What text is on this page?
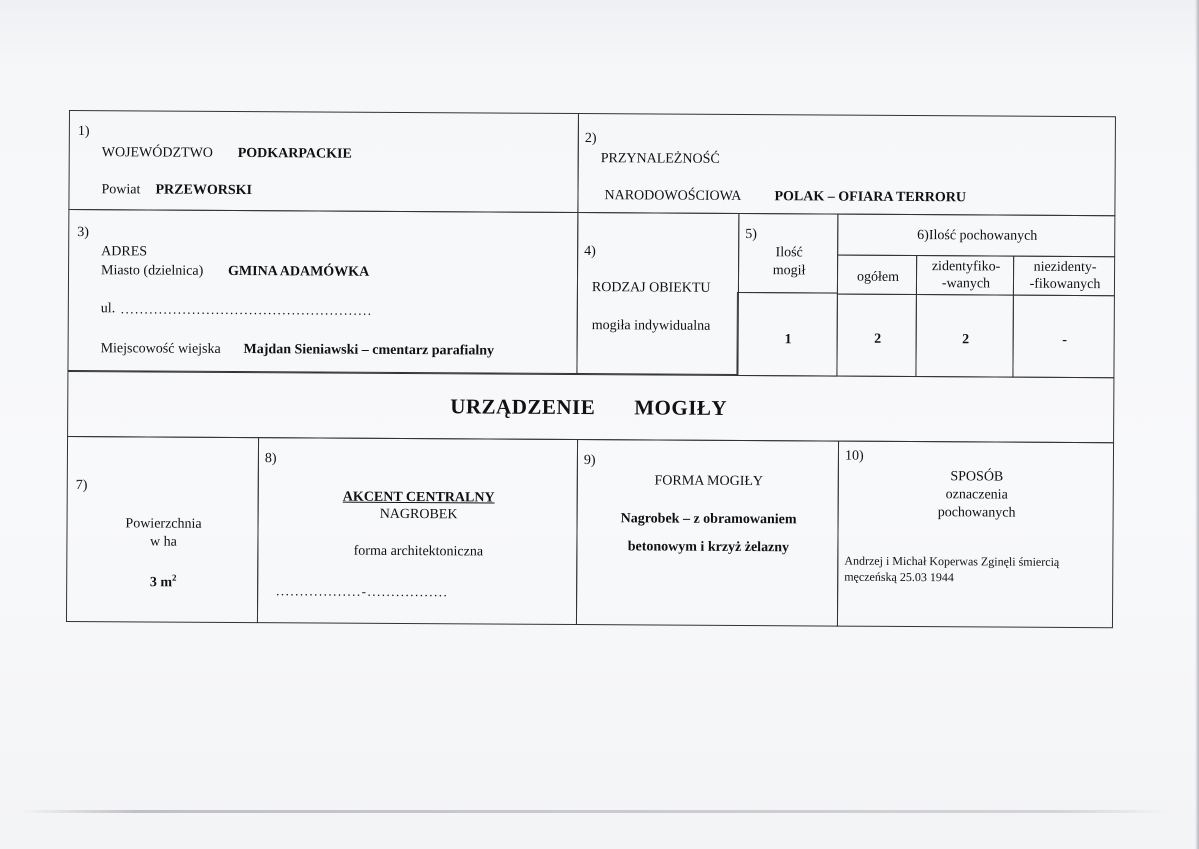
1)
WOJEWÓDZTWO PODKARPACKIE
Powiat PRZEWORSKI
2)
PRZYNALEŻNOŚĆ
NARODOWOŚCIOWA POLAK – OFIARA TERRORU
3)
ADRES
Miasto (dzielnica) GMINA ADAMÓWKA
ul. .....................................................
Miejscowość wiejska Majdan Sieniawski – cmentarz parafialny
4)
RODZAJ OBIEKTU
mogiła indywidualna
5)
Ilość
mogił
1
6)Ilość pochowanych
ogółem
zidentyfiko-
-wanych
niezidenty-
-fikowanych
2	2	-
URZĄDZENIE MOGIŁY
7)
Powierzchnia
w ha
3 $m^2$
8)
AKCENT CENTRALNY
NAGROBEK
forma architektoniczna
..................-.................
9)
FORMA MOGIŁY
Nagrobek – z obramowaniem
betonowym i krzyż żelazny
10)
SPOSÓB
oznaczenia
pochowanych
Andrzej i Michał Koperwas Zginęli śmiercią
męczeńską 25.03 1944
